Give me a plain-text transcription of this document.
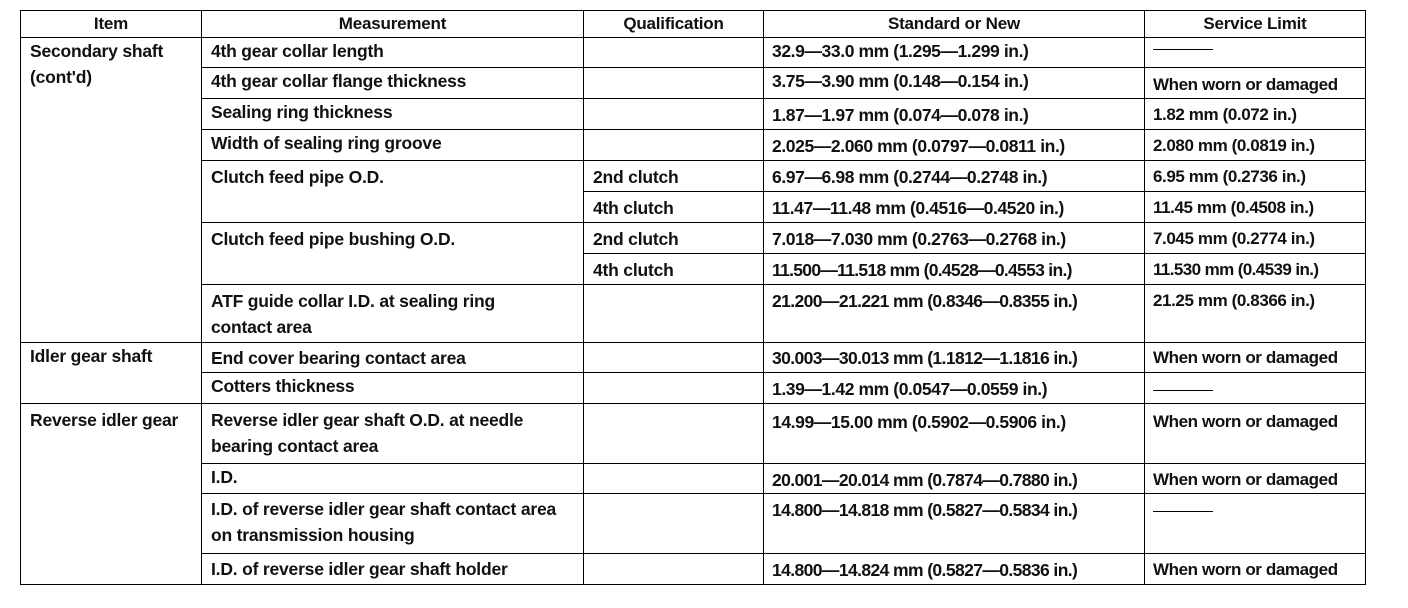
Item	Measurement	Qualification	Standard or New	Service Limit
Secondary shaft (cont'd)	4th gear collar length		32.9—33.0 mm (1.295—1.299 in.)	
	4th gear collar flange thickness		3.75—3.90 mm (0.148—0.154 in.)	When worn or damaged
	Sealing ring thickness		1.87—1.97 mm (0.074—0.078 in.)	1.82 mm (0.072 in.)
	Width of sealing ring groove		2.025—2.060 mm (0.0797—0.0811 in.)	2.080 mm (0.0819 in.)
	Clutch feed pipe O.D.	2nd clutch	6.97—6.98 mm (0.2744—0.2748 in.)	6.95 mm (0.2736 in.)
		4th clutch	11.47—11.48 mm (0.4516—0.4520 in.)	11.45 mm (0.4508 in.)
	Clutch feed pipe bushing O.D.	2nd clutch	7.018—7.030 mm (0.2763—0.2768 in.)	7.045 mm (0.2774 in.)
		4th clutch	11.500—11.518 mm (0.4528—0.4553 in.)	11.530 mm (0.4539 in.)
	ATF guide collar I.D. at sealing ring contact area		21.200—21.221 mm (0.8346—0.8355 in.)	21.25 mm (0.8366 in.)
Idler gear shaft	End cover bearing contact area		30.003—30.013 mm (1.1812—1.1816 in.)	When worn or damaged
	Cotters thickness		1.39—1.42 mm (0.0547—0.0559 in.)	
Reverse idler gear	Reverse idler gear shaft O.D. at needle bearing contact area		14.99—15.00 mm (0.5902—0.5906 in.)	When worn or damaged
	I.D.		20.001—20.014 mm (0.7874—0.7880 in.)	When worn or damaged
	I.D. of reverse idler gear shaft contact area on transmission housing		14.800—14.818 mm (0.5827—0.5834 in.)	
	I.D. of reverse idler gear shaft holder		14.800—14.824 mm (0.5827—0.5836 in.)	When worn or damaged
